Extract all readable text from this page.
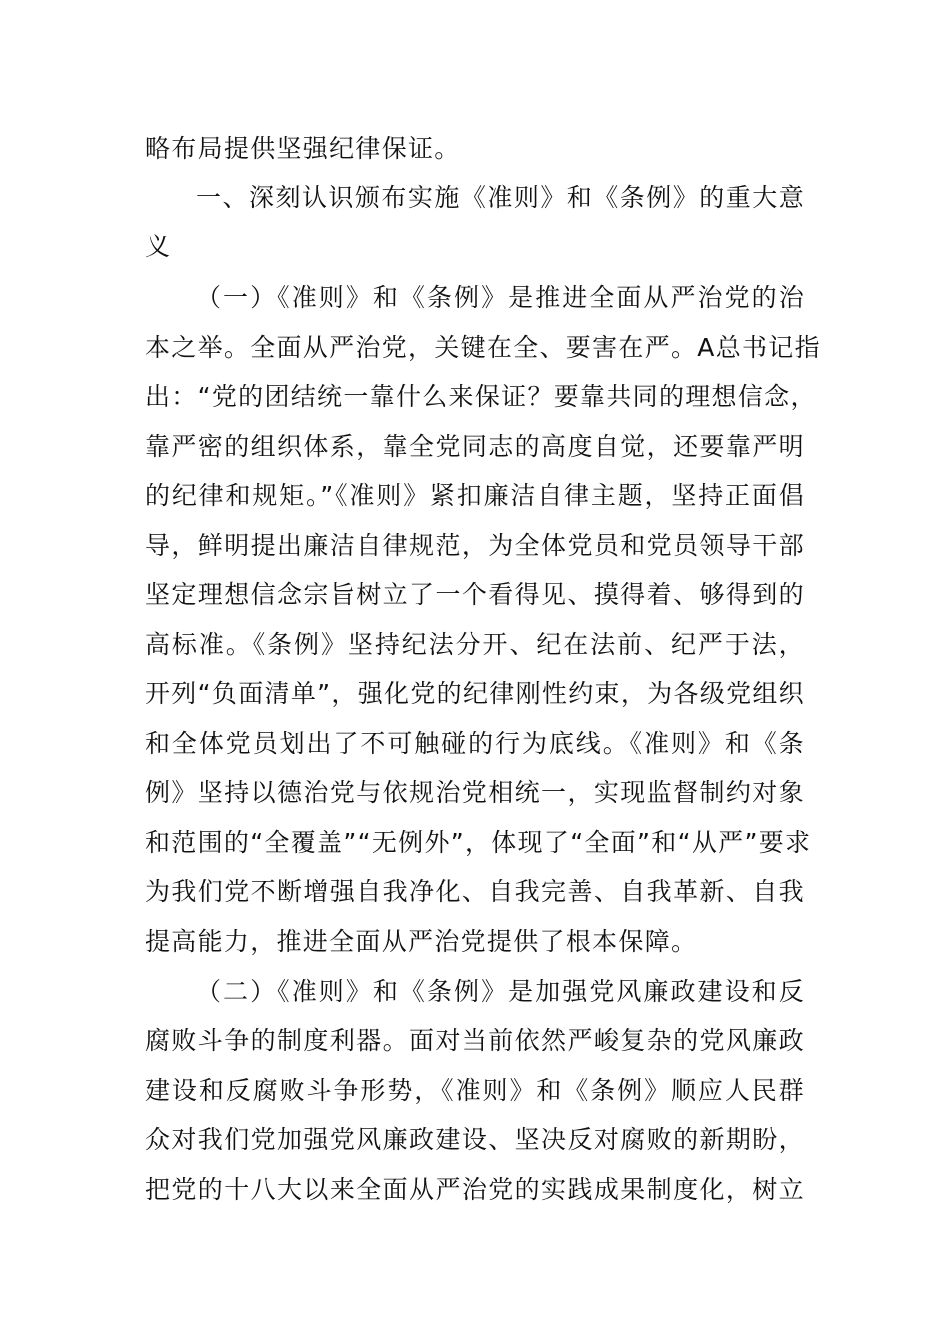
略布局提供坚强纪律保证。
一、深刻认识颁布实施《准则》和《条例》的重大意
义
（一）《准则》和《条例》是推进全面从严治党的治
本之举。全面从严治党，关键在全、要害在严。A总书记指
出：“党的团结统一靠什么来保证？要靠共同的理想信念，
靠严密的组织体系，靠全党同志的高度自觉，还要靠严明
的纪律和规矩。”《准则》紧扣廉洁自律主题，坚持正面倡
导，鲜明提出廉洁自律规范，为全体党员和党员领导干部
坚定理想信念宗旨树立了一个看得见、摸得着、够得到的
高标准。《条例》坚持纪法分开、纪在法前、纪严于法，
开列“负面清单”，强化党的纪律刚性约束，为各级党组织
和全体党员划出了不可触碰的行为底线。《准则》和《条
例》坚持以德治党与依规治党相统一，实现监督制约对象
和范围的“全覆盖”“无例外”，体现了“全面”和“从严”要求
为我们党不断增强自我净化、自我完善、自我革新、自我
提高能力，推进全面从严治党提供了根本保障。
（二）《准则》和《条例》是加强党风廉政建设和反
腐败斗争的制度利器。面对当前依然严峻复杂的党风廉政
建设和反腐败斗争形势，《准则》和《条例》顺应人民群
众对我们党加强党风廉政建设、坚决反对腐败的新期盼，
把党的十八大以来全面从严治党的实践成果制度化，树立
